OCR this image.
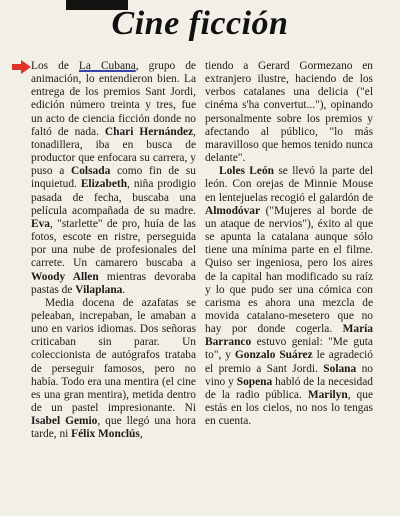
Cine ficción

Los de La Cubana, grupo de animación, lo entendieron bien. La entrega de los premios Sant Jordi, edición número treinta y tres, fue un acto de ciencia ficción donde no faltó de nada. Chari Hernández, tonadillera, iba en busca de productor que enfocara su carrera, y puso a Colsada como fin de su inquietud. Elizabeth, niña prodigio pasada de fecha, buscaba una película acompañada de su madre. Eva, "starlette" de pro, huía de las fotos, escote en ristre, perseguida por una nube de profesionales del carrete. Un camarero buscaba a Woody Allen mientras devoraba pastas de Vilaplana.

Media docena de azafatas se peleaban, increpaban, le amaban a uno en varios idiomas. Dos señoras criticaban sin parar. Un coleccionista de autógrafos trataba de perseguir famosos, pero no había. Todo era una mentira (el cine es una gran mentira), metida dentro de un pastel impresionante. Ni Isabel Gemio, que llegó una hora tarde, ni Félix Monclús,

tiendo a Gerard Gormezano en extranjero ilustre, haciendo de los verbos catalanes una delicia ("el cinéma s'ha convertut..."), opinando personalmente sobre los premios y afectando al público, "lo más maravilloso que hemos tenido nunca delante".

Loles León se llevó la parte del león. Con orejas de Minnie Mouse en lentejuelas recogió el galardón de Almodóvar ("Mujeres al borde de un ataque de nervios"), éxito al que se apunta la catalana aunque sólo tiene una mínima parte en el filme. Quiso ser ingeniosa, pero los aires de la capital han modificado su raíz y lo que pudo ser una cómica con carisma es ahora una mezcla de movida catalano-mesetero que no hay por donde cogerla. María Barranco estuvo genial: "Me guta to", y Gonzalo Suárez le agradeció el premio a Sant Jordi. Solana no vino y Sopena habló de la necesidad de la radio pública. Marilyn, que estás en los cielos, no nos lo tengas en cuenta.
